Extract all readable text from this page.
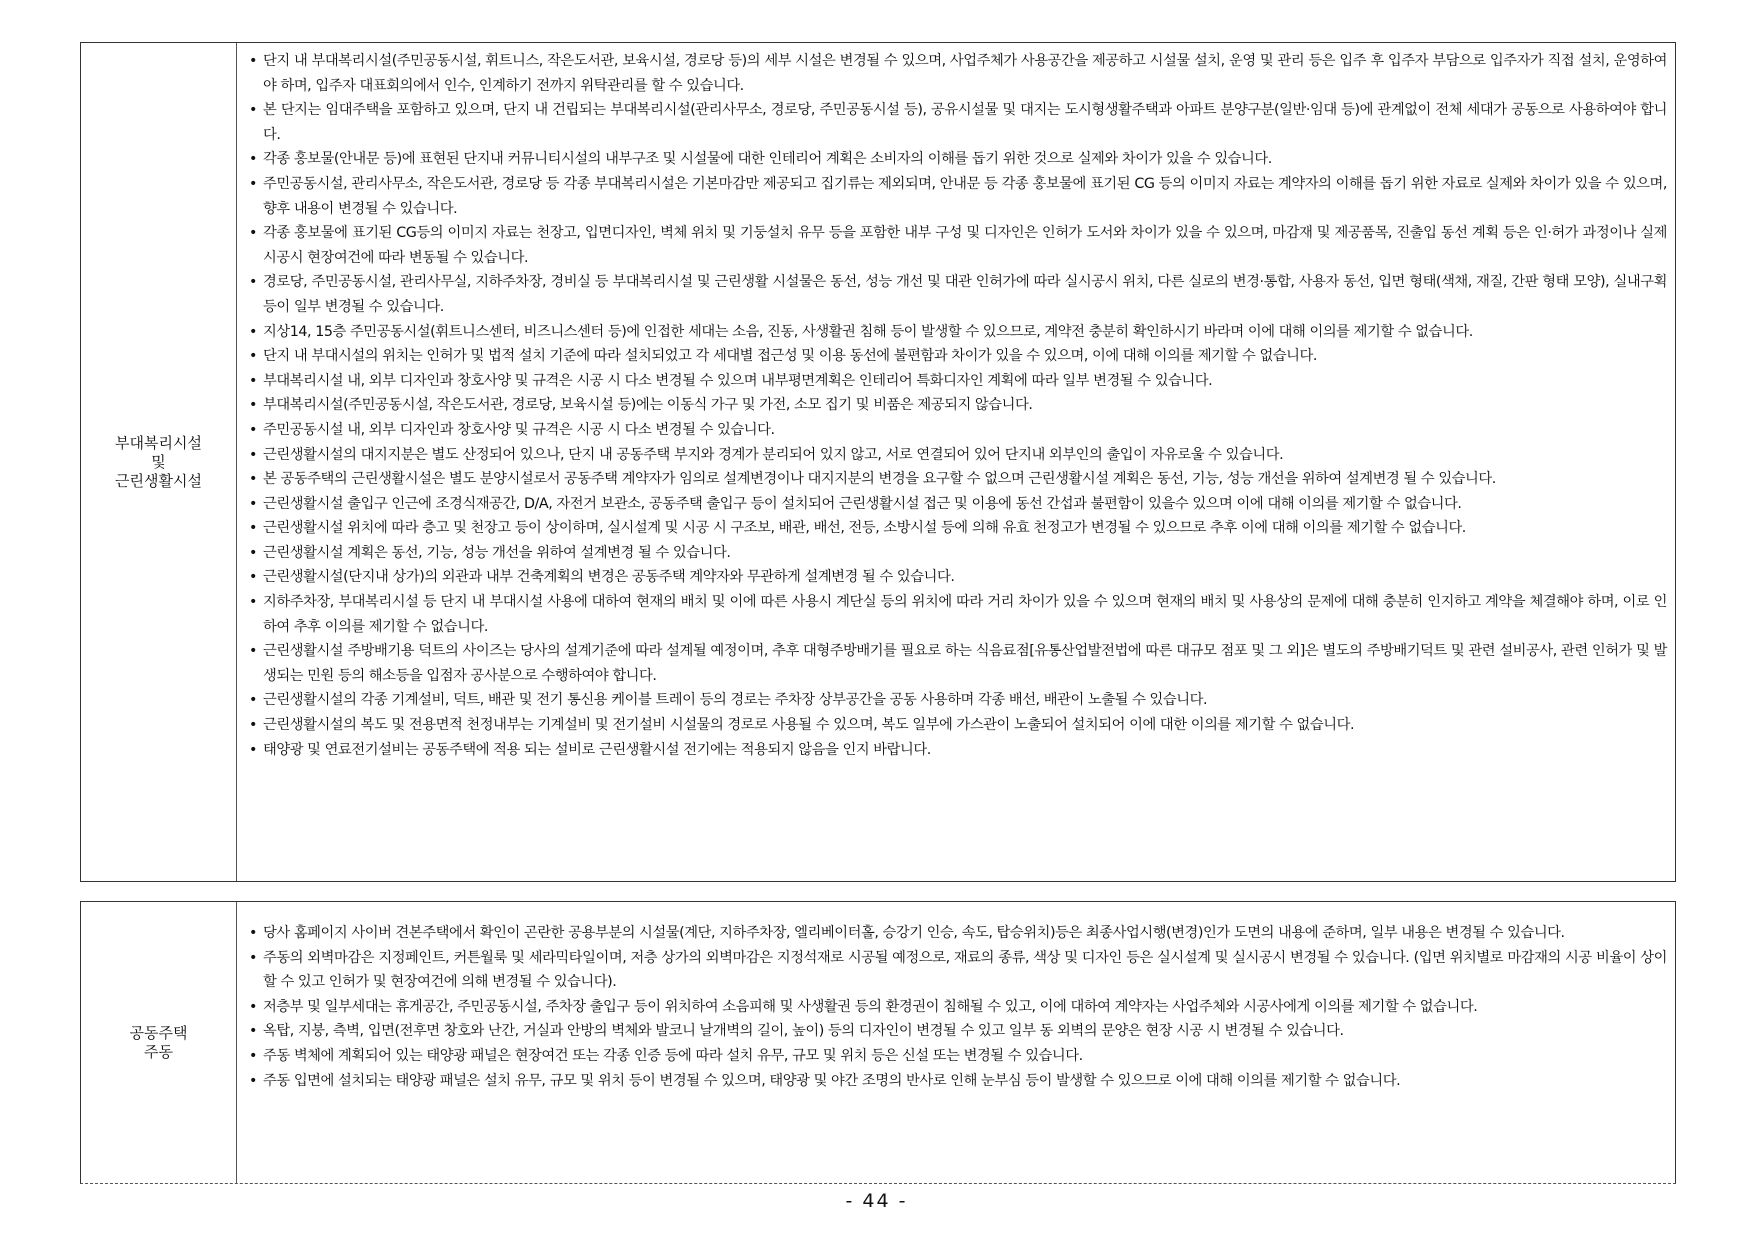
부대복리시설
및
근린생활시설
• 단지 내 부대복리시설(주민공동시설, 휘트니스, 작은도서관, 보육시설, 경로당 등)의 세부 시설은 변경될 수 있으며, 사업주체가 사용공간을 제공하고 시설물 설치, 운영 및 관리 등은 입주 후 입주자 부담으로 입주자가 직접 설치, 운영하여야 하며, 입주자 대표회의에서 인수, 인계하기 전까지 위탁관리를 할 수 있습니다.
• 본 단지는 임대주택을 포함하고 있으며, 단지 내 건립되는 부대복리시설(관리사무소, 경로당, 주민공동시설 등), 공유시설물 및 대지는 도시형생활주택과 아파트 분양구분(일반·임대 등)에 관계없이 전체 세대가 공동으로 사용하여야 합니다.
• 각종 홍보물(안내문 등)에 표현된 단지내 커뮤니티시설의 내부구조 및 시설물에 대한 인테리어 계획은 소비자의 이해를 돕기 위한 것으로 실제와 차이가 있을 수 있습니다.
• 주민공동시설, 관리사무소, 작은도서관, 경로당 등 각종 부대복리시설은 기본마감만 제공되고 집기류는 제외되며, 안내문 등 각종 홍보물에 표기된 CG 등의 이미지 자료는 계약자의 이해를 돕기 위한 자료로 실제와 차이가 있을 수 있으며, 향후 내용이 변경될 수 있습니다.
• 각종 홍보물에 표기된 CG등의 이미지 자료는 천장고, 입면디자인, 벽체 위치 및 기둥설치 유무 등을 포함한 내부 구성 및 디자인은 인허가 도서와 차이가 있을 수 있으며, 마감재 및 제공품목, 진출입 동선 계획 등은 인·허가 과정이나 실제 시공시 현장여건에 따라 변동될 수 있습니다.
• 경로당, 주민공동시설, 관리사무실, 지하주차장, 경비실 등 부대복리시설 및 근린생활 시설물은 동선, 성능 개선 및 대관 인허가에 따라 실시공시 위치, 다른 실로의 변경·통합, 사용자 동선, 입면 형태(색채, 재질, 간판 형태 모양), 실내구획 등이 일부 변경될 수 있습니다.
• 지상14, 15층 주민공동시설(휘트니스센터, 비즈니스센터 등)에 인접한 세대는 소음, 진동, 사생활권 침해 등이 발생할 수 있으므로, 계약전 충분히 확인하시기 바라며 이에 대해 이의를 제기할 수 없습니다.
• 단지 내 부대시설의 위치는 인허가 및 법적 설치 기준에 따라 설치되었고 각 세대별 접근성 및 이용 동선에 불편함과 차이가 있을 수 있으며, 이에 대해 이의를 제기할 수 없습니다.
• 부대복리시설 내, 외부 디자인과 창호사양 및 규격은 시공 시 다소 변경될 수 있으며 내부평면계획은 인테리어 특화디자인 계획에 따라 일부 변경될 수 있습니다.
• 부대복리시설(주민공동시설, 작은도서관, 경로당, 보육시설 등)에는 이동식 가구 및 가전, 소모 집기 및 비품은 제공되지 않습니다.
• 주민공동시설 내, 외부 디자인과 창호사양 및 규격은 시공 시 다소 변경될 수 있습니다.
• 근린생활시설의 대지지분은 별도 산정되어 있으나, 단지 내 공동주택 부지와 경계가 분리되어 있지 않고, 서로 연결되어 있어 단지내 외부인의 출입이 자유로울 수 있습니다.
• 본 공동주택의 근린생활시설은 별도 분양시설로서 공동주택 계약자가 임의로 설계변경이나 대지지분의 변경을 요구할 수 없으며 근린생활시설 계획은 동선, 기능, 성능 개선을 위하여 설계변경 될 수 있습니다.
• 근린생활시설 출입구 인근에 조경식재공간, D/A, 자전거 보관소, 공동주택 출입구 등이 설치되어 근린생활시설 접근 및 이용에 동선 간섭과 불편함이 있을수 있으며 이에 대해 이의를 제기할 수 없습니다.
• 근린생활시설 위치에 따라 층고 및 천장고 등이 상이하며, 실시설계 및 시공 시 구조보, 배관, 배선, 전등, 소방시설 등에 의해 유효 천정고가 변경될 수 있으므로 추후 이에 대해 이의를 제기할 수 없습니다.
• 근린생활시설 계획은 동선, 기능, 성능 개선을 위하여 설계변경 될 수 있습니다.
• 근린생활시설(단지내 상가)의 외관과 내부 건축계획의 변경은 공동주택 계약자와 무관하게 설계변경 될 수 있습니다.
• 지하주차장, 부대복리시설 등 단지 내 부대시설 사용에 대하여 현재의 배치 및 이에 따른 사용시 계단실 등의 위치에 따라 거리 차이가 있을 수 있으며 현재의 배치 및 사용상의 문제에 대해 충분히 인지하고 계약을 체결해야 하며, 이로 인하여 추후 이의를 제기할 수 없습니다.
• 근린생활시설 주방배기용 덕트의 사이즈는 당사의 설계기준에 따라 설계될 예정이며, 추후 대형주방배기를 필요로 하는 식음료점[유통산업발전법에 따른 대규모 점포 및 그 외]은 별도의 주방배기덕트 및 관련 설비공사, 관련 인허가 및 발생되는 민원 등의 해소등을 입점자 공사분으로 수행하여야 합니다.
• 근린생활시설의 각종 기계설비, 덕트, 배관 및 전기 통신용 케이블 트레이 등의 경로는 주차장 상부공간을 공동 사용하며 각종 배선, 배관이 노출될 수 있습니다.
• 근린생활시설의 복도 및 전용면적 천정내부는 기계설비 및 전기설비 시설물의 경로로 사용될 수 있으며, 복도 일부에 가스관이 노출되어 설치되어 이에 대한 이의를 제기할 수 없습니다.
• 태양광 및 연료전기설비는 공동주택에 적용 되는 설비로 근린생활시설 전기에는 적용되지 않음을 인지 바랍니다.
공동주택
주동
• 당사 홈페이지 사이버 견본주택에서 확인이 곤란한 공용부분의 시설물(계단, 지하주차장, 엘리베이터홀, 승강기 인승, 속도, 탑승위치)등은 최종사업시행(변경)인가 도면의 내용에 준하며, 일부 내용은 변경될 수 있습니다.
• 주동의 외벽마감은 지정페인트, 커튼월룩 및 세라믹타일이며, 저층 상가의 외벽마감은 지정석재로 시공될 예정으로, 재료의 종류, 색상 및 디자인 등은 실시설계 및 실시공시 변경될 수 있습니다. (입면 위치별로 마감재의 시공 비율이 상이할 수 있고 인허가 및 현장여건에 의해 변경될 수 있습니다).
• 저층부 및 일부세대는 휴게공간, 주민공동시설, 주차장 출입구 등이 위치하여 소음피해 및 사생활권 등의 환경권이 침해될 수 있고, 이에 대하여 계약자는 사업주체와 시공사에게 이의를 제기할 수 없습니다.
• 옥탑, 지붕, 측벽, 입면(전후면 창호와 난간, 거실과 안방의 벽체와 발코니 날개벽의 길이, 높이) 등의 디자인이 변경될 수 있고 일부 동 외벽의 문양은 현장 시공 시 변경될 수 있습니다.
• 주동 벽체에 계획되어 있는 태양광 패널은 현장여건 또는 각종 인증 등에 따라 설치 유무, 규모 및 위치 등은 신설 또는 변경될 수 있습니다.
• 주동 입면에 설치되는 태양광 패널은 설치 유무, 규모 및 위치 등이 변경될 수 있으며, 태양광 및 야간 조명의 반사로 인해 눈부심 등이 발생할 수 있으므로 이에 대해 이의를 제기할 수 없습니다.
- 44 -
